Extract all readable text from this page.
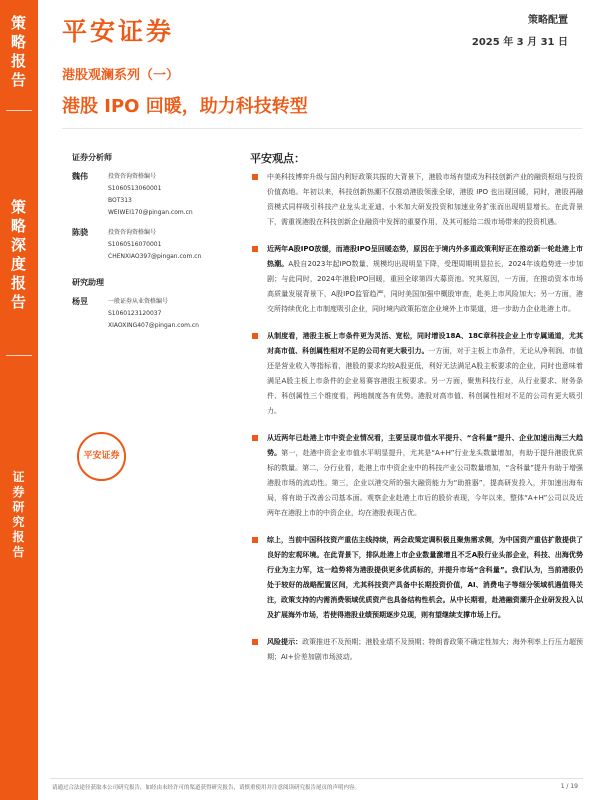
策
略
报
告
策
略
深
度
报
告
证
券
研
究
报
告
平安证券	策略配置
2025 年 3 月 31 日
港股观澜系列（一）
港股 IPO 回暖，助力科技转型
证券分析师
魏伟	投资咨询资格编号
S1060513060001
BOT313
WEIWEI170@pingan.com.cn
陈骁	投资咨询资格编号
S1060516070001
CHENXIAO397@pingan.com.cn
研究助理
杨昱	一般证券从业资格编号
S1060123120037
XIAOXING407@pingan.com.cn
平安证券
平安观点：
中美科技博弈升级与国内利好政策共振的大背景下，港股市场有望成为科技创新产业的融资枢纽与投资价值高地。年初以来，科技创新热潮不仅推动港股领涨全球，港股 IPO 也出现回暖，同时，港股再融资模式同样吸引科技产业龙头北亚迪、小米加大研发投资和加速业务扩张而出现明显增长。在此背景下，需重视港股在科技创新企业融资中发挥的重要作用，及其可能给二级市场带来的投资机遇。
近两年A股IPO放缓，而港股IPO呈回暖态势，原因在于境内外多重政策利好正在推动新一轮赴港上市热潮。A股自2023年起IPO数量、规模均出现明显下降，受理周期明显拉长，2024年该趋势进一步加剧；与此同时，2024年港股IPO回暖，重回全球第四大募资池。究其原因，一方面，在推动资本市场高质量发展背景下，A股IPO监管趋严，同时美国加强中概股审查，赴美上市风险加大；另一方面，港交所持续优化上市制度吸引企业，同时境内政策拓宽企业境外上市渠道，进一步助力企业赴港上市。
从制度看，港股主板上市条件更为灵活、宽松，同时增设18A、18C章科技企业上市专属通道，尤其对高市值、科创属性相对不足的公司有更大吸引力。一方面，对于主板上市条件，无论从净利润、市值还是营业收入等指标看，港股的要求均较A股更低，利好无法满足A股主板要求的企业，同时也意味着满足A股主板上市条件的企业易赛容港股主板要求。另一方面，聚焦科技行业，从行业要求、财务条件、科创属性三个维度看，两地制度各有优势。港股对高市值、科创属性相对不足的公司有更大吸引力。
从近两年已赴港上市中资企业情况看，主要呈现市值水平提升、“含科量”提升、企业加速出海三大趋势。第一，赴港中资企业市值水平明显提升，尤其是“A+H”行业龙头数量增加，有助于提升港股优质标的数量。第二，分行业看，赴港上市中资企业中的科技产业公司数量增加，“含科量”提升有助于增强港股市场的流动性。第三，企业以港交所的强大融资能力为“助推器”，提高研发投入，并加速出海布局，将有助于改善公司基本面。观察企业赴港上市后的股价表现，今年以来，整体“A+H”公司以及近两年在港股上市的中资企业，均在港股表现占优。
综上，当前中国科技资产重估主线持续，两会政策定调积极且聚焦需求侧，为中国资产重估扩散提供了良好的宏观环境。在此背景下，排队赴港上市企业数量激增且不乏A股行业头部企业，科技、出海优势行业为主力军，这一趋势将为港股提供更多优质标的，并提升市场“含科量”。我们认为，当前港股仍处于较好的战略配置区间，尤其科技资产具备中长期投资价值，AI、消费电子等细分领域机遇值得关注，政策支持的内需消费领域优质资产也具备结构性机会。从中长期看，赴港融资潮升企业研发投入以及扩展海外市场，若使得港股业绩预期逐步兑现，则有望继续支撑市场上行。
风险提示：政策推进不及预期；港股业绩不及预期；特朗普政策不确定性加大；海外利率上行压力超预期；AI+价差加剧市场波动。
请通过合法途径获取本公司研究报告，如经由未经许可的渠道获得研究报告，请慎重使用并注意阅读研究报告尾页的声明内容。	1 / 19
